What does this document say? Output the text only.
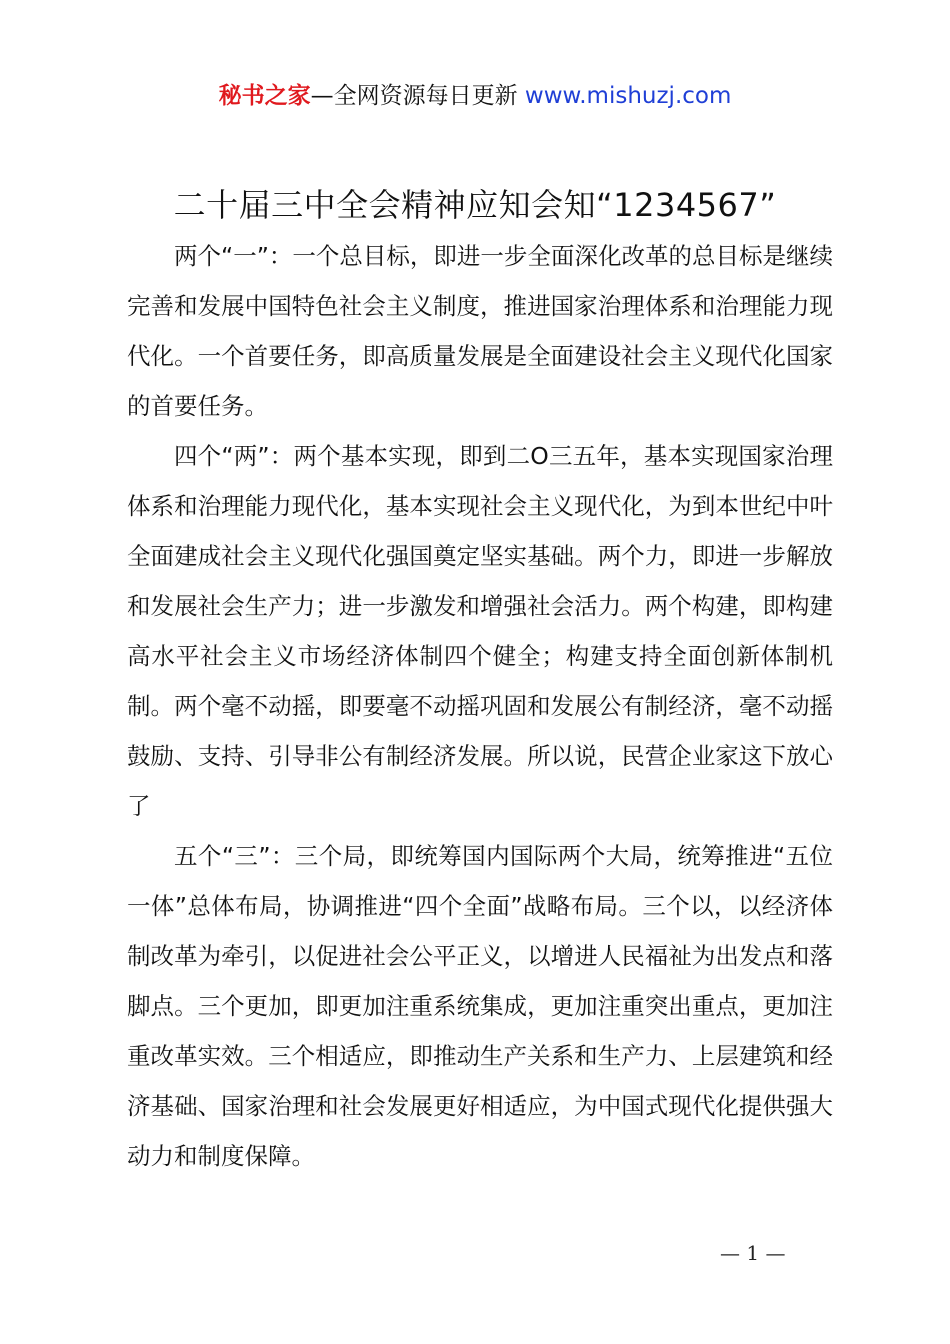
秘书之家—全网资源每日更新 www.mishuzj.com
二十届三中全会精神应知会知“1234567”

两个“一”：一个总目标，即进一步全面深化改革的总目标是继续完善和发展中国特色社会主义制度，推进国家治理体系和治理能力现代化。一个首要任务，即高质量发展是全面建设社会主义现代化国家的首要任务。

四个“两”：两个基本实现，即到二O三五年，基本实现国家治理体系和治理能力现代化，基本实现社会主义现代化，为到本世纪中叶全面建成社会主义现代化强国奠定坚实基础。两个力，即进一步解放和发展社会生产力；进一步激发和增强社会活力。两个构建，即构建高水平社会主义市场经济体制四个健全；构建支持全面创新体制机制。两个毫不动摇，即要毫不动摇巩固和发展公有制经济，毫不动摇鼓励、支持、引导非公有制经济发展。所以说，民营企业家这下放心了

五个“三”：三个局，即统筹国内国际两个大局，统筹推进“五位一体”总体布局，协调推进“四个全面”战略布局。三个以，以经济体制改革为牵引，以促进社会公平正义，以增进人民福祉为出发点和落脚点。三个更加，即更加注重系统集成，更加注重突出重点，更加注重改革实效。三个相适应，即推动生产关系和生产力、上层建筑和经济基础、国家治理和社会发展更好相适应，为中国式现代化提供强大动力和制度保障。

— 1 —
